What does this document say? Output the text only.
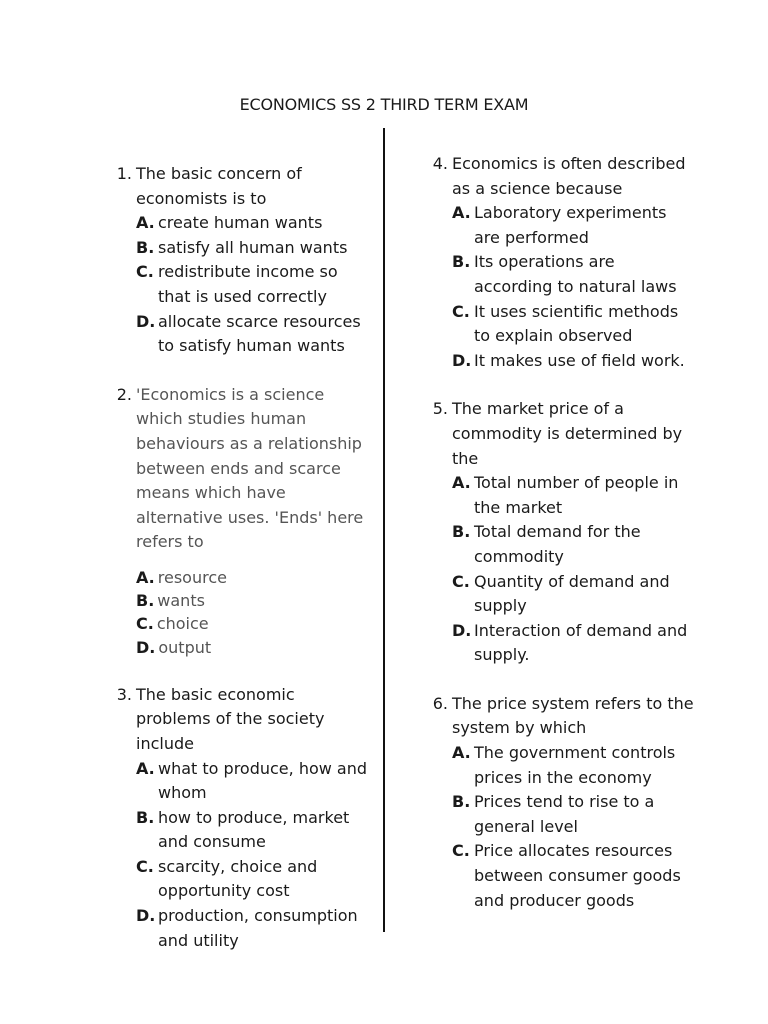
ECONOMICS SS 2 THIRD TERM EXAM
1. The basic concern of economists is to
A. create human wants
B. satisfy all human wants
C. redistribute income so that is used correctly
D. allocate scarce resources to satisfy human wants
2. 'Economics is a science which studies human behaviours as a relationship between ends and scarce means which have alternative uses. 'Ends' here refers to
A. resource
B. wants
C. choice
D. output
3. The basic economic problems of the society include
A. what to produce, how and whom
B. how to produce, market and consume
C. scarcity, choice and opportunity cost
D. production, consumption and utility
4. Economics is often described as a science because
A. Laboratory experiments are performed
B. Its operations are according to natural laws
C. It uses scientific methods to explain observed
D. It makes use of field work.
5. The market price of a commodity is determined by the
A. Total number of people in the market
B. Total demand for the commodity
C. Quantity of demand and supply
D. Interaction of demand and supply.
6. The price system refers to the system by which
A. The government controls prices in the economy
B. Prices tend to rise to a general level
C. Price allocates resources between consumer goods and producer goods
